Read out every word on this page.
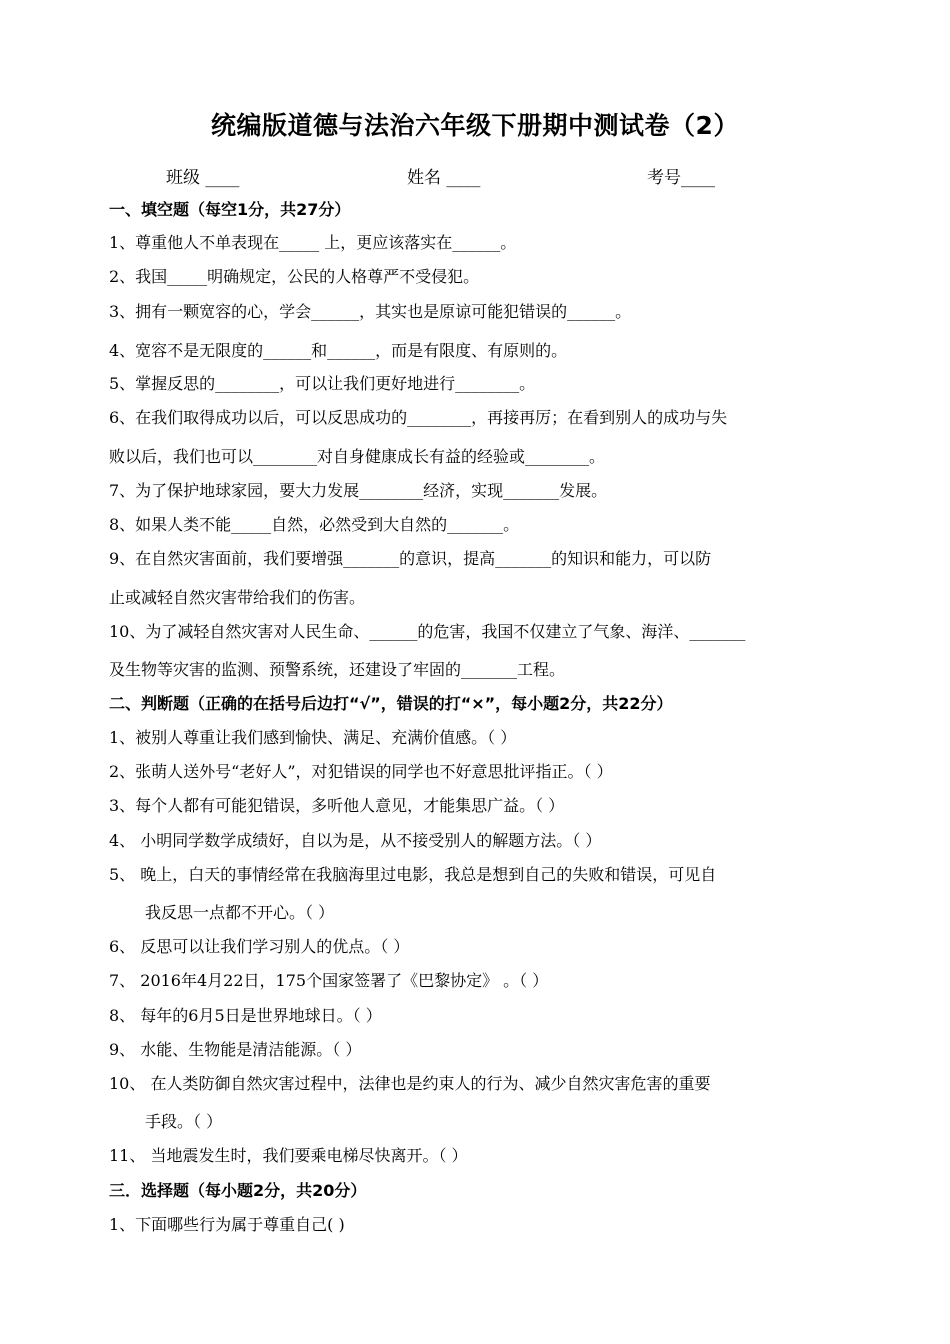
统编版道德与法治六年级下册期中测试卷（2）
班级 ____	姓名 ____	考号____
一、填空题（每空1分，共27分）
1、尊重他人不单表现在_____ 上，更应该落实在______。
2、我国_____明确规定，公民的人格尊严不受侵犯。
3、拥有一颗宽容的心，学会______，其实也是原谅可能犯错误的______。
4、宽容不是无限度的______和______，而是有限度、有原则的。
5、掌握反思的________，可以让我们更好地进行________。
6、在我们取得成功以后，可以反思成功的________，再接再厉；在看到别人的成功与失
败以后，我们也可以________对自身健康成长有益的经验或________。
7、为了保护地球家园，要大力发展________经济，实现_______发展。
8、如果人类不能_____自然，必然受到大自然的_______。
9、在自然灾害面前，我们要增强_______的意识，提高_______的知识和能力，可以防
止或减轻自然灾害带给我们的伤害。
10、为了减轻自然灾害对人民生命、______的危害，我国不仅建立了气象、海洋、_______
及生物等灾害的监测、预警系统，还建设了牢固的_______工程。
二、判断题（正确的在括号后边打“√”，错误的打“×”，每小题2分，共22分）
1、被别人尊重让我们感到愉快、满足、充满价值感。（ ）
2、张萌人送外号“老好人”，对犯错误的同学也不好意思批评指正。（ ）
3、每个人都有可能犯错误，多听他人意见，才能集思广益。（ ）
4、 小明同学数学成绩好，自以为是，从不接受别人的解题方法。（ ）
5、 晚上，白天的事情经常在我脑海里过电影，我总是想到自己的失败和错误，可见自
我反思一点都不开心。（ ）
6、 反思可以让我们学习别人的优点。（ ）
7、 2016年4月22日，175个国家签署了《巴黎协定》 。（ ）
8、 每年的6月5日是世界地球日。（ ）
9、 水能、生物能是清洁能源。（ ）
10、 在人类防御自然灾害过程中，法律也是约束人的行为、减少自然灾害危害的重要
手段。（ ）
11、 当地震发生时，我们要乘电梯尽快离开。（ ）
三．选择题（每小题2分，共20分）
1、下面哪些行为属于尊重自己( )
